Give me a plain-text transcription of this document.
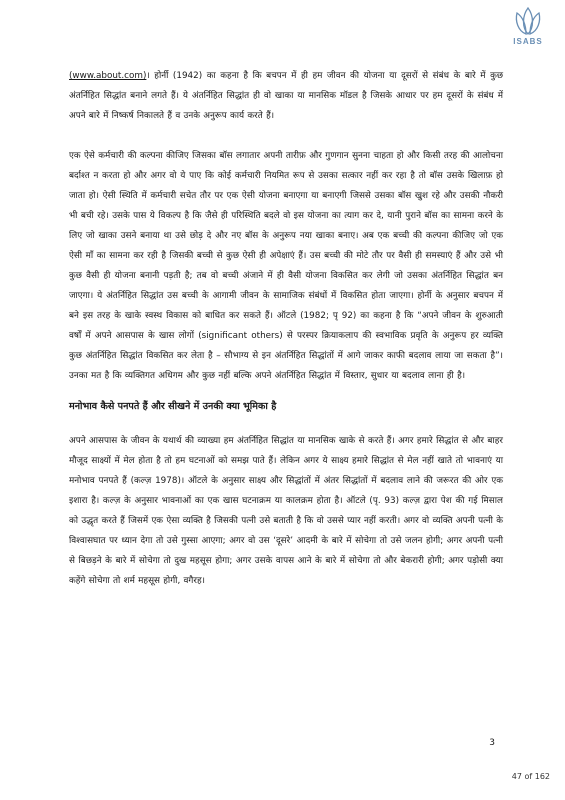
ISABS

(www.about.com)। होर्नी (1942) का कहना है कि बचपन में ही हम जीवन की योजना या दूसरों से संबंध के बारे में कुछ अंतर्निहित सिद्धांत बनाने लगते हैं। ये अंतर्निहित सिद्धांत ही वो खाका या मानसिक मॉडल है जिसके आधार पर हम दूसरों के संबंध में अपने बारे में निष्कर्ष निकालते हैं व उनके अनुरूप कार्य करते हैं।

एक ऐसे कर्मचारी की कल्पना कीजिए जिसका बॉस लगातार अपनी तारीफ़ और गुणगान सुनना चाहता हो और किसी तरह की आलोचना बर्दाश्त न करता हो और अगर वो ये पाए कि कोई कर्मचारी नियमित रूप से उसका सत्कार नहीं कर रहा है तो बॉस उसके खिलाफ़ हो जाता हो। ऐसी स्थिति में कर्मचारी सचेत तौर पर एक ऐसी योजना बनाएगा या बनाएगी जिससे उसका बॉस खुश रहे और उसकी नौकरी भी बची रहे। उसके पास ये विकल्प है कि जैसे ही परिस्थिति बदले वो इस योजना का त्याग कर दे, यानी पुराने बॉस का सामना करने के लिए जो खाका उसने बनाया था उसे छोड़ दे और नए बॉस के अनुरूप नया खाका बनाए। अब एक बच्ची की कल्पना कीजिए जो एक ऐसी माँ का सामना कर रही है जिसकी बच्ची से कुछ ऐसी ही अपेक्षाएं हैं। उस बच्ची की मोटे तौर पर वैसी ही समस्याएं हैं और उसे भी कुछ वैसी ही योजना बनानी पड़ती है; तब वो बच्ची अंजाने में ही वैसी योजना विकसित कर लेगी जो उसका अंतर्निहित सिद्धांत बन जाएगा। ये अंतर्निहित सिद्धांत उस बच्ची के आगामी जीवन के सामाजिक संबंधों में विकसित होता जाएगा। होर्नी के अनुसार बचपन में बने इस तरह के खाके स्वस्थ विकास को बाधित कर सकते हैं। ऑटले (1982; पृ 92) का कहना है कि “अपने जीवन के शुरुआती वर्षों में अपने आसपास के खास लोगों (significant others) से परस्पर क्रियाकलाप की स्वभाविक प्रवृति के अनुरूप हर व्यक्ति कुछ अंतर्निहित सिद्धांत विकसित कर लेता है – सौभाग्य से इन अंतर्निहित सिद्धांतों में आगे जाकर काफी बदलाव लाया जा सकता है”। उनका मत है कि व्यक्तिगत अधिगम और कुछ नहीं बल्कि अपने अंतर्निहित सिद्धांत में विस्तार, सुधार या बदलाव लाना ही है।

मनोभाव कैसे पनपते हैं और सीखने में उनकी क्या भूमिका है

अपने आसपास के जीवन के यथार्थ की व्याख्या हम अंतर्निहित सिद्धांत या मानसिक खाके से करते हैं। अगर हमारे सिद्धांत से और बाहर मौजूद साक्ष्यों में मेल होता है तो हम घटनाओं को समझ पाते हैं। लेकिन अगर ये साक्ष्य हमारे सिद्धांत से मेल नहीं खाते तो भावनाएं या मनोभाव पनपते हैं (कल्ज़ 1978)। ऑटले के अनुसार साक्ष्य और सिद्धांतों में अंतर सिद्धांतों में बदलाव लाने की जरूरत की ओर एक इशारा है। कल्ज़ के अनुसार भावनाओं का एक खास घटनाक्रम या कालक्रम होता है। ऑटले (पृ. 93) कल्ज़ द्वारा पेश की गई मिसाल को उद्धृत करते हैं जिसमें एक ऐसा व्यक्ति है जिसकी पत्नी उसे बताती है कि वो उससे प्यार नहीं करती। अगर वो व्यक्ति अपनी पत्नी के विश्वासघात पर ध्यान देगा तो उसे गुस्सा आएगा; अगर वो उस ‘दूसरे’ आदमी के बारे में सोचेगा तो उसे जलन होगी; अगर अपनी पत्नी से बिछड़ने के बारे में सोचेगा तो दुख महसूस होगा; अगर उसके वापस आने के बारे में सोचेगा तो और बेकरारी होगी; अगर पड़ोसी क्या कहेंगे सोचेगा तो शर्म महसूस होगी, वगैरह।

3
47 of 162
